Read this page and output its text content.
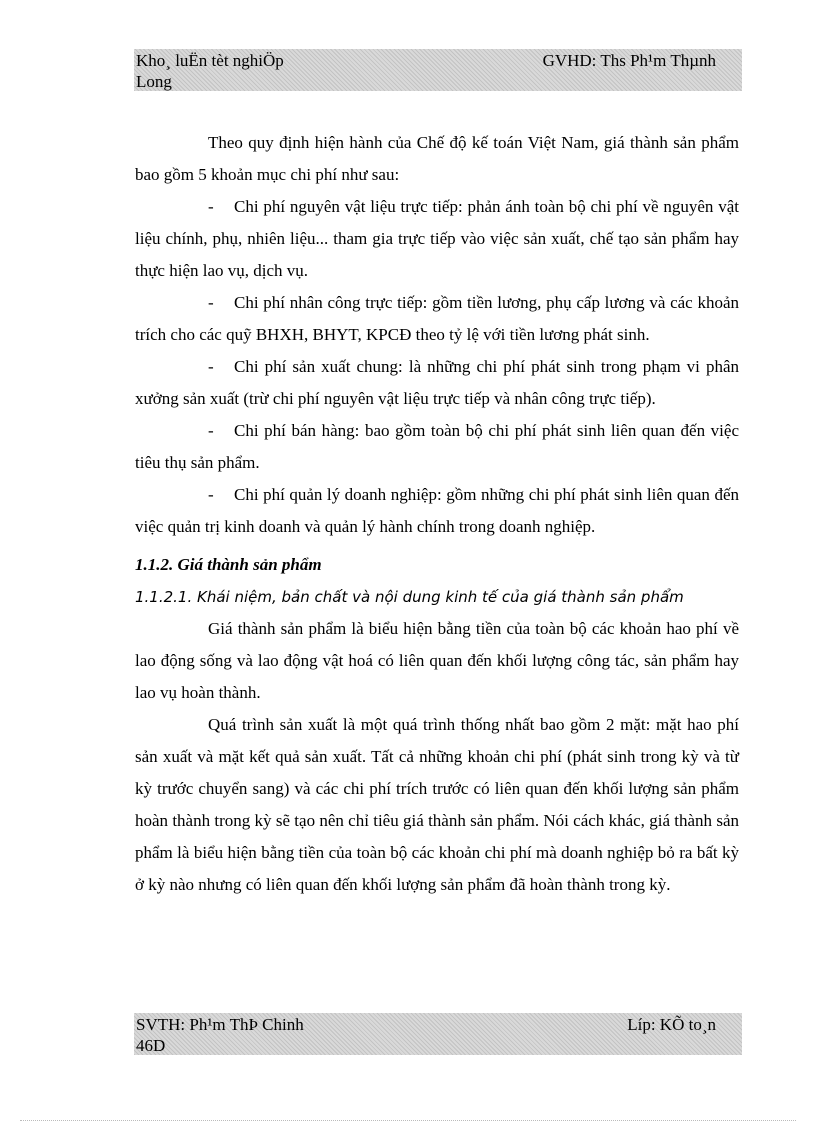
Kho¸ luËn tèt nghiÖp	GVHD: Ths Ph¹m Thµnh
Long

Theo quy định hiện hành của Chế độ kế toán Việt Nam, giá thành sản phẩm bao gồm 5 khoản mục chi phí như sau:

- Chi phí nguyên vật liệu trực tiếp: phản ánh toàn bộ chi phí về nguyên vật liệu chính, phụ, nhiên liệu... tham gia trực tiếp vào việc sản xuất, chế tạo sản phẩm hay thực hiện lao vụ, dịch vụ.

- Chi phí nhân công trực tiếp: gồm tiền lương, phụ cấp lương và các khoản trích cho các quỹ BHXH, BHYT, KPCĐ theo tỷ lệ với tiền lương phát sinh.

- Chi phí sản xuất chung: là những chi phí phát sinh trong phạm vi phân xưởng sản xuất (trừ chi phí nguyên vật liệu trực tiếp và nhân công trực tiếp).

- Chi phí bán hàng: bao gồm toàn bộ chi phí phát sinh liên quan đến việc tiêu thụ sản phẩm.

- Chi phí quản lý doanh nghiệp: gồm những chi phí phát sinh liên quan đến việc quản trị kinh doanh và quản lý hành chính trong doanh nghiệp.

1.1.2. Giá thành sản phẩm

1.1.2.1. Khái niệm, bản chất và nội dung kinh tế của giá thành sản phẩm

Giá thành sản phẩm là biểu hiện bằng tiền của toàn bộ các khoản hao phí về lao động sống và lao động vật hoá có liên quan đến khối lượng công tác, sản phẩm hay lao vụ hoàn thành.

Quá trình sản xuất là một quá trình thống nhất bao gồm 2 mặt: mặt hao phí sản xuất và mặt kết quả sản xuất. Tất cả những khoản chi phí (phát sinh trong kỳ và từ kỳ trước chuyển sang) và các chi phí trích trước có liên quan đến khối lượng sản phẩm hoàn thành trong kỳ sẽ tạo nên chỉ tiêu giá thành sản phẩm. Nói cách khác, giá thành sản phẩm là biểu hiện bằng tiền của toàn bộ các khoản chi phí mà doanh nghiệp bỏ ra bất kỳ ở kỳ nào nhưng có liên quan đến khối lượng sản phẩm đã hoàn thành trong kỳ.

SVTH: Ph¹m ThÞ Chinh	Líp: KÕ to¸n
46D
